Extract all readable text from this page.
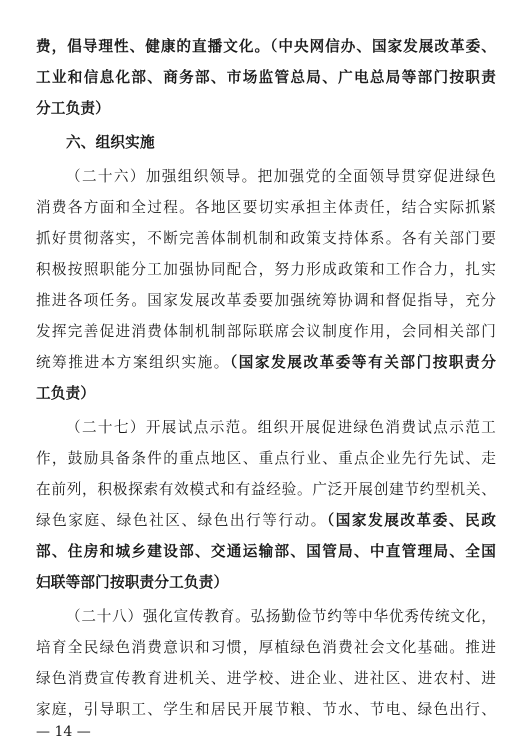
费，倡导理性、健康的直播文化。（中央网信办、国家发展改革委、
工业和信息化部、商务部、市场监管总局、广电总局等部门按职责
分工负责）
六、组织实施
（二十六）加强组织领导。把加强党的全面领导贯穿促进绿色
消费各方面和全过程。各地区要切实承担主体责任，结合实际抓紧
抓好贯彻落实，不断完善体制机制和政策支持体系。各有关部门要
积极按照职能分工加强协同配合，努力形成政策和工作合力，扎实
推进各项任务。国家发展改革委要加强统筹协调和督促指导，充分
发挥完善促进消费体制机制部际联席会议制度作用，会同相关部门
统筹推进本方案组织实施。（国家发展改革委等有关部门按职责分
工负责）
（二十七）开展试点示范。组织开展促进绿色消费试点示范工
作，鼓励具备条件的重点地区、重点行业、重点企业先行先试、走
在前列，积极探索有效模式和有益经验。广泛开展创建节约型机关、
绿色家庭、绿色社区、绿色出行等行动。（国家发展改革委、民政
部、住房和城乡建设部、交通运输部、国管局、中直管理局、全国
妇联等部门按职责分工负责）
（二十八）强化宣传教育。弘扬勤俭节约等中华优秀传统文化，
培育全民绿色消费意识和习惯，厚植绿色消费社会文化基础。推进
绿色消费宣传教育进机关、进学校、进企业、进社区、进农村、进
家庭，引导职工、学生和居民开展节粮、节水、节电、绿色出行、
— 14 —
